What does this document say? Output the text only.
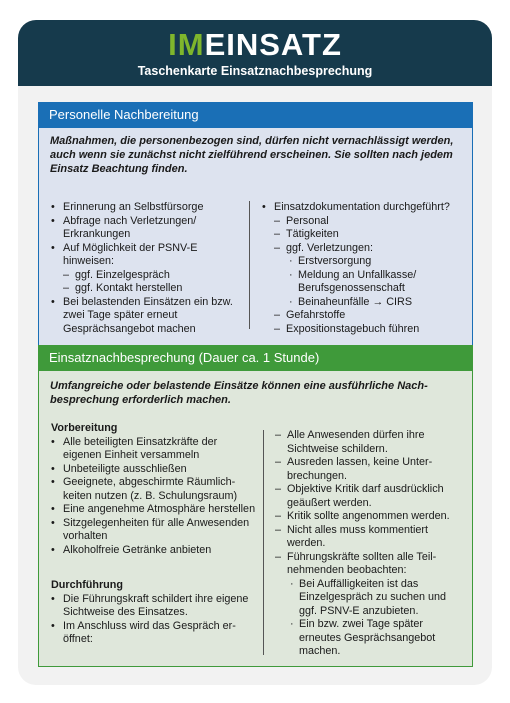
IMEINSATZ
Taschenkarte Einsatznachbesprechung
Personelle Nachbereitung
Maßnahmen, die personenbezogen sind, dürfen nicht vernachlässigt werden, auch wenn sie zunächst nicht zielführend erscheinen. Sie sollten nach jedem Einsatz Beachtung finden.
• Erinnerung an Selbstfürsorge
• Abfrage nach Verletzungen/ Erkrankungen
• Auf Möglichkeit der PSNV-E hinweisen:
– ggf. Einzelgespräch
– ggf. Kontakt herstellen
• Bei belastenden Einsätzen ein bzw. zwei Tage später erneut Gesprächsangebot machen
• Einsatzdokumentation durchgeführt?
– Personal
– Tätigkeiten
– ggf. Verletzungen:
· Erstversorgung
· Meldung an Unfallkasse/ Berufsgenossenschaft
· Beinaheunfälle → CIRS
– Gefahrstoffe
– Expositionstagebuch führen
Einsatznachbesprechung (Dauer ca. 1 Stunde)
Umfangreiche oder belastende Einsätze können eine ausführliche Nachbesprechung erforderlich machen.
Vorbereitung
• Alle beteiligten Einsatzkräfte der eigenen Einheit versammeln
• Unbeteiligte ausschließen
• Geeignete, abgeschirmte Räumlichkeiten nutzen (z. B. Schulungsraum)
• Eine angenehme Atmosphäre herstellen
• Sitzgelegenheiten für alle Anwesenden vorhalten
• Alkoholfreie Getränke anbieten
Durchführung
• Die Führungskraft schildert ihre eigene Sichtweise des Einsatzes.
• Im Anschluss wird das Gespräch eröffnet:
– Alle Anwesenden dürfen ihre Sichtweise schildern.
– Ausreden lassen, keine Unterbrechungen.
– Objektive Kritik darf ausdrücklich geäußert werden.
– Kritik sollte angenommen werden.
– Nicht alles muss kommentiert werden.
– Führungskräfte sollten alle Teilnehmenden beobachten:
· Bei Auffälligkeiten ist das Einzelgespräch zu suchen und ggf. PSNV-E anzubieten.
· Ein bzw. zwei Tage später erneutes Gesprächsangebot machen.
